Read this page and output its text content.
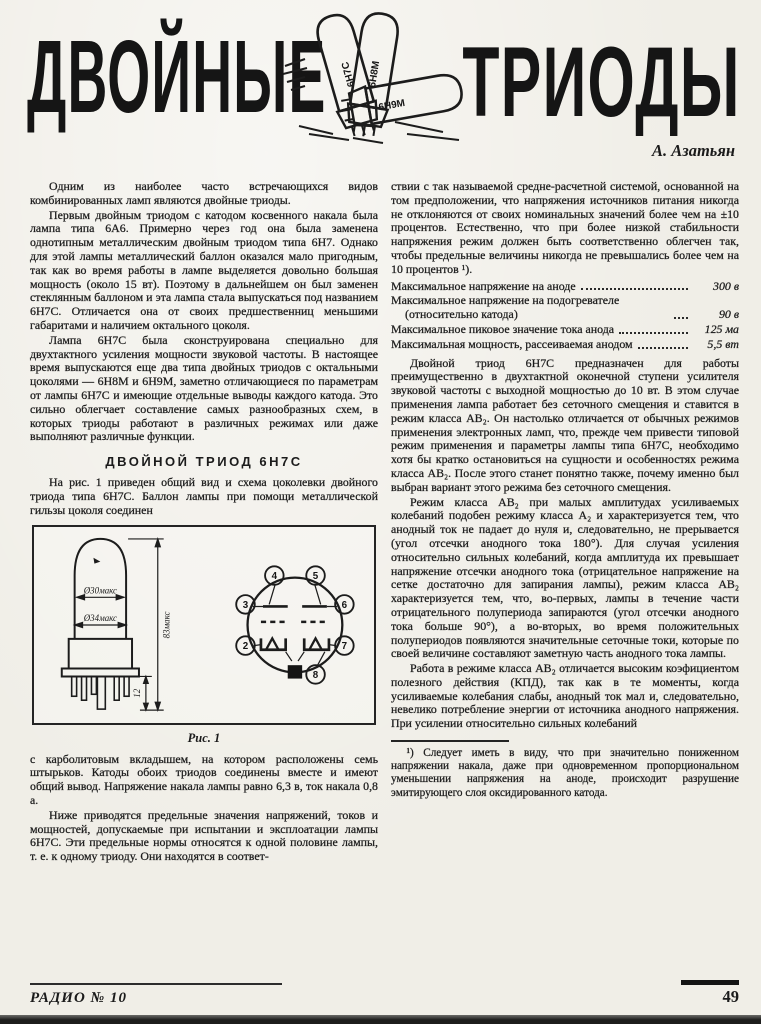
ДВОЙНЫЕ	ТРИОДЫ
6Н9М
6Н7С 6Н8М
А. Азатьян

Одним из наиболее часто встречающихся видов комбинированных ламп являются двойные триоды.

Первым двойным триодом с катодом косвенного накала была лампа типа 6А6. Примерно через год она была заменена однотипным металлическим двойным триодом типа 6Н7. Однако для этой лампы металлический баллон оказался мало пригодным, так как во время работы в лампе выделяется довольно большая мощность (около 15 вт). Поэтому в дальнейшем он был заменен стеклянным баллоном и эта лампа стала выпускаться под названием 6Н7С. Отличается она от своих предшественниц меньшими габаритами и наличием октального цоколя.

Лампа 6Н7С была сконструирована специально для двухтактного усиления мощности звуковой частоты. В настоящее время выпускаются еще два типа двойных триодов с октальными цоколями — 6Н8М и 6Н9М, заметно отличающиеся по параметрам от лампы 6Н7С и имеющие отдельные выводы каждого катода. Это сильно облегчает составление самых разнообразных схем, в которых триоды работают в различных режимах или даже выполняют различные функции.

ДВОЙНОЙ ТРИОД 6Н7С

На рис. 1 приведен общий вид и схема цоколевки двойного триода типа 6Н7С. Баллон лампы при помощи металлической гильзы цоколя соединен

Ø30макс
Ø34макс	83макс
12
2
3
4	5
6
7
8
Рис. 1

с карболитовым вкладышем, на котором расположены семь штырьков. Катоды обоих триодов соединены вместе и имеют общий вывод. Напряжение накала лампы равно 6,3 в, ток накала 0,8 а.

Ниже приводятся предельные значения напряжений, токов и мощностей, допускаемые при испытании и эксплоатации лампы 6Н7С. Эти предельные нормы относятся к одной половине лампы, т. е. к одному триоду. Они находятся в соответ-

ствии с так называемой средне-расчетной системой, основанной на том предположении, что напряжения источников питания никогда не отклоняются от своих номинальных значений более чем на ±10 процентов. Естественно, что при более низкой стабильности напряжения режим должен быть соответственно облегчен так, чтобы предельные величины никогда не превышались более чем на 10 процентов ¹).

Максимальное напряжение на аноде	300 в
Максимальное напряжение на подогревателе (относительно катода)	90 в
Максимальное пиковое значение тока анода	125 ма
Максимальная мощность, рассеиваемая анодом	5,5 вт

Двойной триод 6Н7С предназначен для работы преимущественно в двухтактной оконечной ступени усилителя звуковой частоты с выходной мощностью до 10 вт. В этом случае применения лампа работает без сеточного смещения и ставится в режим класса АВ₂. Он настолько отличается от обычных режимов применения электронных ламп, что, прежде чем привести типовой режим применения и параметры лампы типа 6Н7С, необходимо хотя бы кратко остановиться на сущности и особенностях режима класса АВ₂. После этого станет понятно также, почему именно был выбран вариант этого режима без сеточного смещения.

Режим класса АВ₂ при малых амплитудах усиливаемых колебаний подобен режиму класса А₂ и характеризуется тем, что анодный ток не падает до нуля и, следовательно, не прерывается (угол отсечки анодного тока 180°). Для случая усиления относительно сильных колебаний, когда амплитуда их превышает напряжение отсечки анодного тока (отрицательное напряжение на сетке достаточно для запирания лампы), режим класса АВ₂ характеризуется тем, что, во-первых, лампы в течение части отрицательного полупериода запираются (угол отсечки анодного тока больше 90°), а во-вторых, во время положительных полупериодов появляются значительные сеточные токи, которые по своей величине составляют заметную часть анодного тока лампы.

Работа в режиме класса АВ₂ отличается высоким коэфициентом полезного действия (КПД), так как в те моменты, когда усиливаемые колебания слабы, анодный ток мал и, следовательно, невелико потребление энергии от источника анодного напряжения. При усилении относительно сильных колебаний

¹) Следует иметь в виду, что при значительно пониженном напряжении накала, даже при одновременном пропорциональном уменьшении напряжения на аноде, происходит разрушение эмитирующего слоя оксидированного катода.

РАДИО № 10	49
